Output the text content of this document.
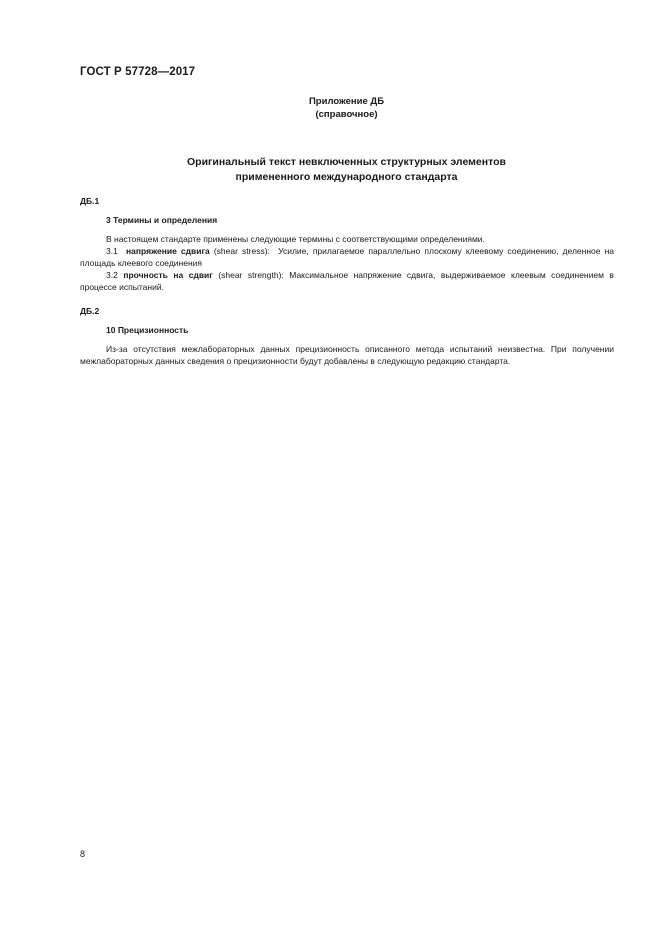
ГОСТ Р 57728—2017
Приложение ДБ
(справочное)
Оригинальный текст невключенных структурных элементов
примененного международного стандарта

ДБ.1

3 Термины и определения

В настоящем стандарте применены следующие термины с соответствующими определениями.

3.1 напряжение сдвига (shear stress): Усилие, прилагаемое параллельно плоскому клеевому соединению, деленное на площадь клеевого соединения

3.2 прочность на сдвиг (shear strength): Максимальное напряжение сдвига, выдерживаемое клеевым соединением в процессе испытаний.

ДБ.2

10 Прецизионность

Из-за отсутствия межлабораторных данных прецизионность описанного метода испытаний неизвестна. При получении межлабораторных данных сведения о прецизионности будут добавлены в следующую редакцию стандарта.

8
